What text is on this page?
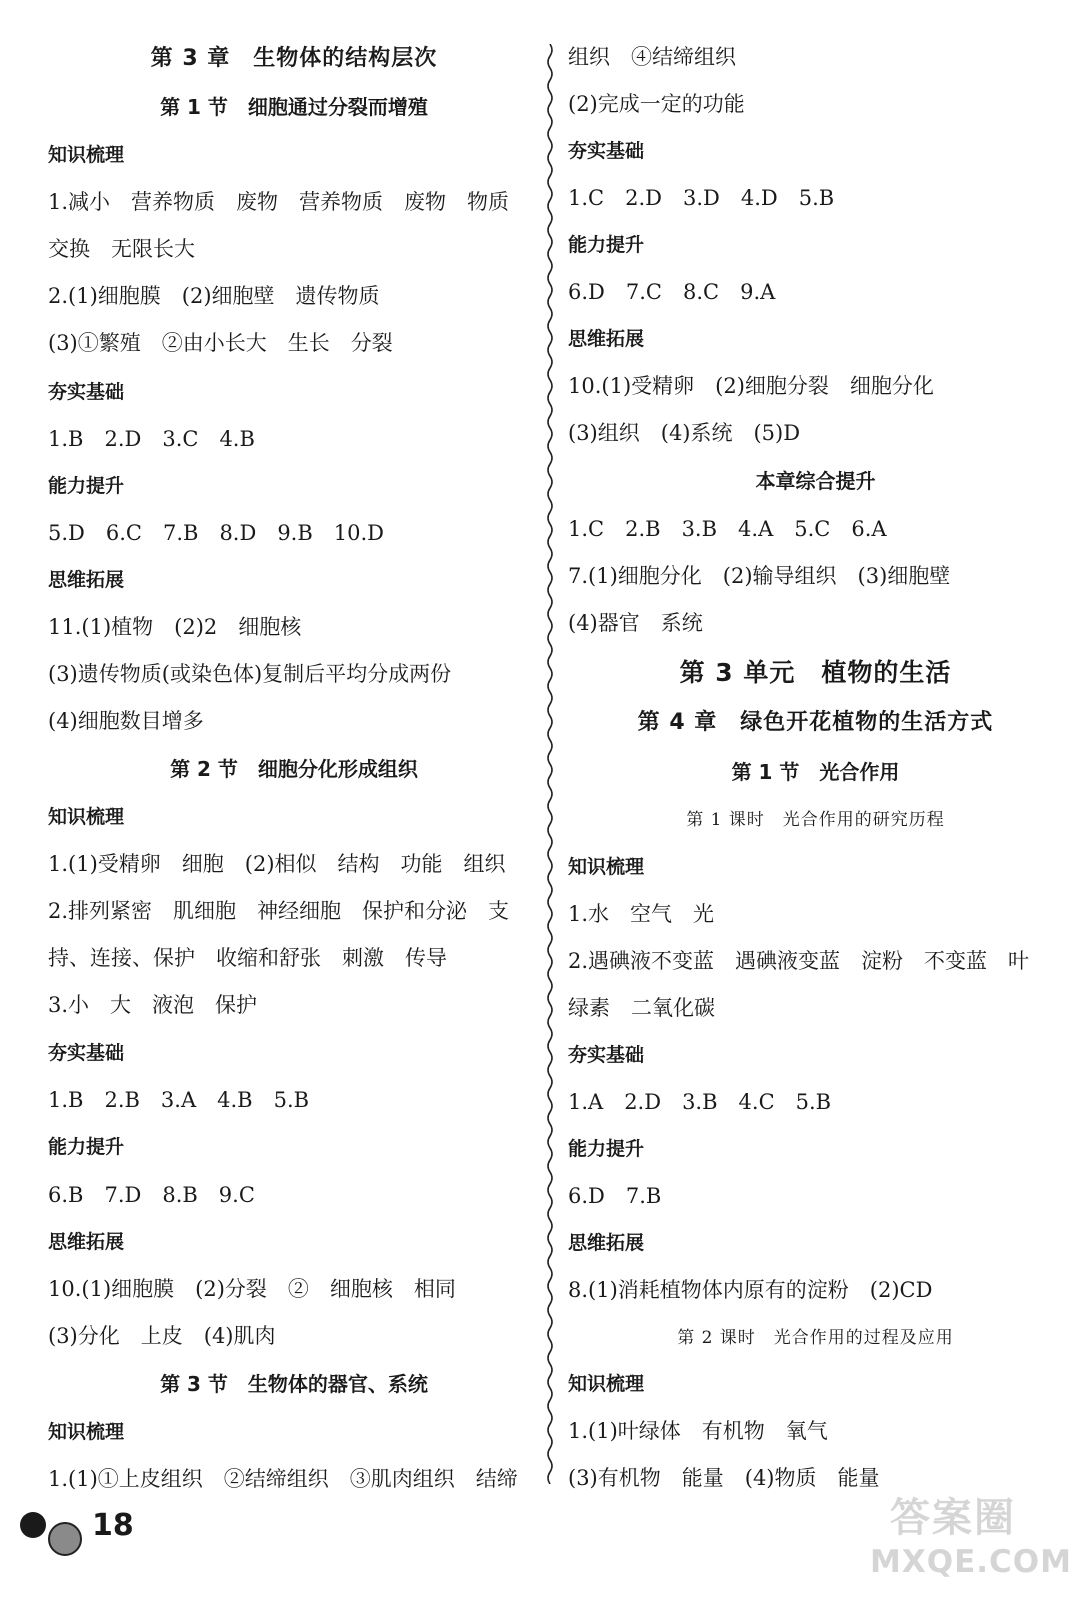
第 3 章　生物体的结构层次
第 1 节　细胞通过分裂而增殖
知识梳理
1.减小　营养物质　废物　营养物质　废物　物质
交换　无限长大
2.(1)细胞膜　(2)细胞壁　遗传物质
(3)①繁殖　②由小长大　生长　分裂
夯实基础
1.B　2.D　3.C　4.B
能力提升
5.D　6.C　7.B　8.D　9.B　10.D
思维拓展
11.(1)植物　(2)2　细胞核
(3)遗传物质(或染色体)复制后平均分成两份
(4)细胞数目增多
第 2 节　细胞分化形成组织
知识梳理
1.(1)受精卵　细胞　(2)相似　结构　功能　组织
2.排列紧密　肌细胞　神经细胞　保护和分泌　支
持、连接、保护　收缩和舒张　刺激　传导
3.小　大　液泡　保护
夯实基础
1.B　2.B　3.A　4.B　5.B
能力提升
6.B　7.D　8.B　9.C
思维拓展
10.(1)细胞膜　(2)分裂　②　细胞核　相同
(3)分化　上皮　(4)肌肉
第 3 节　生物体的器官、系统
知识梳理
1.(1)①上皮组织　②结缔组织　③肌肉组织　结缔
组织　④结缔组织
(2)完成一定的功能
夯实基础
1.C　2.D　3.D　4.D　5.B
能力提升
6.D　7.C　8.C　9.A
思维拓展
10.(1)受精卵　(2)细胞分裂　细胞分化
(3)组织　(4)系统　(5)D
本章综合提升
1.C　2.B　3.B　4.A　5.C　6.A
7.(1)细胞分化　(2)输导组织　(3)细胞壁
(4)器官　系统
第 3 单元　植物的生活
第 4 章　绿色开花植物的生活方式
第 1 节　光合作用
第 1 课时　光合作用的研究历程
知识梳理
1.水　空气　光
2.遇碘液不变蓝　遇碘液变蓝　淀粉　不变蓝　叶
绿素　二氧化碳
夯实基础
1.A　2.D　3.B　4.C　5.B
能力提升
6.D　7.B
思维拓展
8.(1)消耗植物体内原有的淀粉　(2)CD
第 2 课时　光合作用的过程及应用
知识梳理
1.(1)叶绿体　有机物　氧气
(3)有机物　能量　(4)物质　能量
18	答案圈
MXQE.COM
